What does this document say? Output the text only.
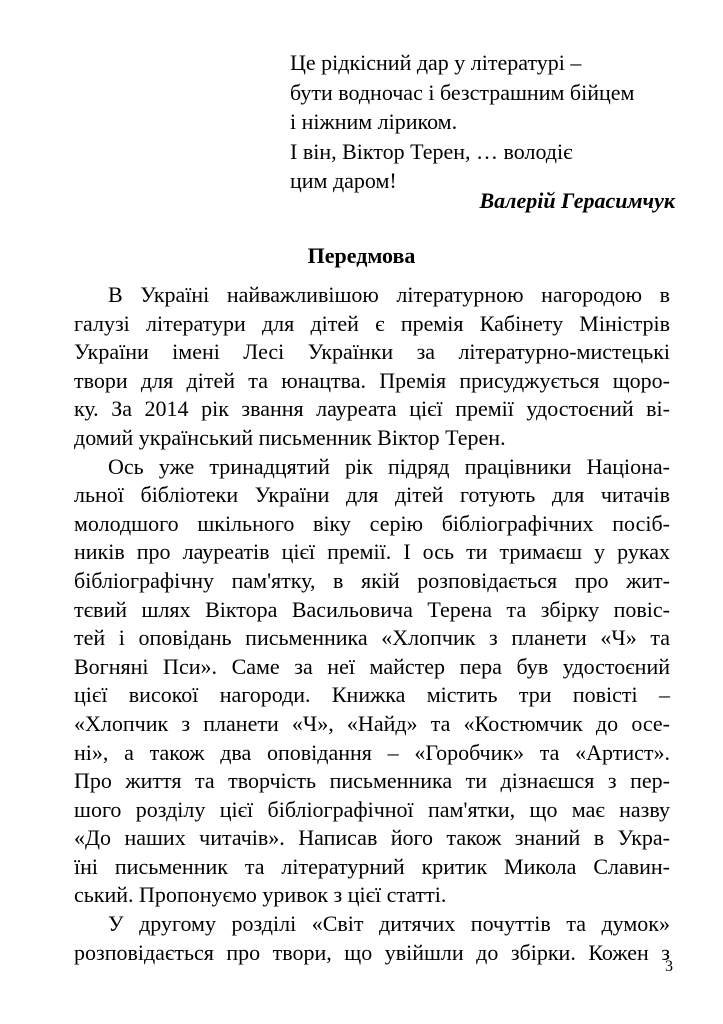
Це рідкісний дар у літературі –
бути водночас і безстрашним бійцем
і ніжним ліриком.
І він, Віктор Терен, … володіє
цим даром!
Валерій Герасимчук
Передмова
В Україні найважливішою літературною нагородою в
галузі літератури для дітей є премія Кабінету Міністрів
України імені Лесі Українки за літературно-мистецькі
твори для дітей та юнацтва. Премія присуджується щоро-
ку. За 2014 рік звання лауреата цієї премії удостоєний ві-
домий український письменник Віктор Терен.
Ось уже тринадцятий рік підряд працівники Націона-
льної бібліотеки України для дітей готують для читачів
молодшого шкільного віку серію бібліографічних посіб-
ників про лауреатів цієї премії. І ось ти тримаєш у руках
бібліографічну пам'ятку, в якій розповідається про жит-
тєвий шлях Віктора Васильовича Терена та збірку повіс-
тей і оповідань письменника «Хлопчик з планети «Ч» та
Вогняні Пси». Саме за неї майстер пера був удостоєний
цієї високої нагороди. Книжка містить три повісті –
«Хлопчик з планети «Ч», «Найд» та «Костюмчик до осе-
ні», а також два оповідання – «Горобчик» та «Артист».
Про життя та творчість письменника ти дізнаєшся з пер-
шого розділу цієї бібліографічної пам'ятки, що має назву
«До наших читачів». Написав його також знаний в Укра-
їні письменник та літературний критик Микола Славин-
ський. Пропонуємо уривок з цієї статті.
У другому розділі «Світ дитячих почуттів та думок»
розповідається про твори, що увійшли до збірки. Кожен з
3
